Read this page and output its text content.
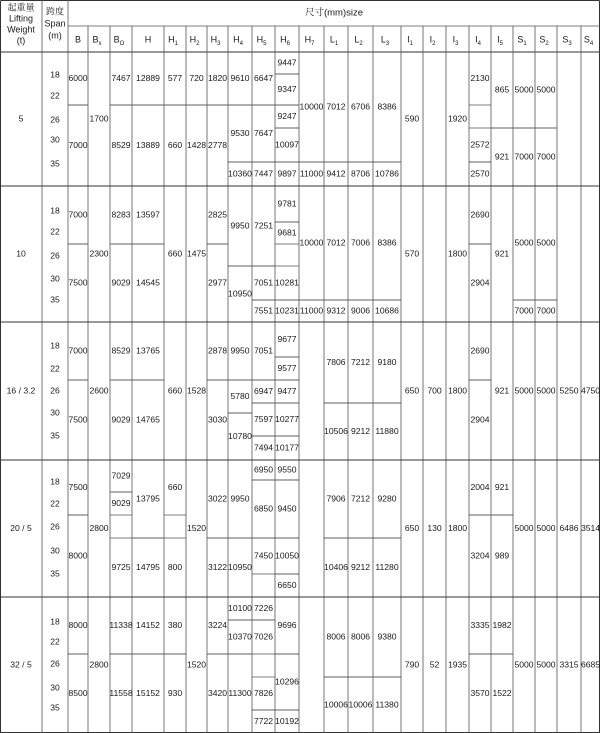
起重量
Lifting
Weight
(t)
跨度
Span
(m)
尺寸(mm)size
B $B_x$ $B_O$ H $H_1$ $H_2$ $H_3$ $H_4$ $H_5$ $H_6$ $H_7$ $L_1$ $L_2$ $L_3$ $I_1$ $I_2$ $I_3$ $I_4$ $I_5$ $S_1$ $S_2$ $S_3$ $S_4$
5
18
22
26
30
35
6000
7000
1700
7467
8529
12889
13889
577
660
720
1428
1820
2778
9610
9530
10360
6647
7647
7447
9447
9347
9247
10097
9897
10000
11000
7012
9412
6706
8706
8386
10786
590	1920
2130
2572
2570
865
921
5000
7000
5000
7000
10
18
22
26
30
35
7000
7500
2300
8283
9029
13597
14545
660 1475
2825
2977
9950
10950
7251
7051
7551
9781
9681
10281
10231
10000
11000
7012
9312
7006
9006
8386
10686
570	1800
2690
2904
921
5000
7000
5000
7000
16 / 3.2
18
22
26
30
35
7000
7500
2600
8529
9029
13765
14765
660 1528
2878
3030
9950
5780
10780
7051
6947
7597
7494
9677
9577
9477
10277
10177
7806
10506
7212
9212
9180
11880
650 700 1800
2690
2904
921 5000 5000 5250 4750
20 / 5
18
22
26
30
35
7500
8000
2800
7029
9029
9725
13795
14795
660
800
1520
3022
3122
9950
10950
6950
6850
7450
9550
9450
10050
6650
7906
10406
7212
9212
9280
11280
650 130 1800
2004
3204
921
989
5000 5000 6486 3514
32 / 5
18
22
26
30
35
8000
8500
2800
11338
11558
14152
15152
380
930
1520
3224
3420
10100
10370
11300
7226
7026
7826
7722
9696
10296
10192
8006
10006
8006
10006
9380
11380
790 52 1935
3335
3570
1982
1522
5000 5000 3315 6685
